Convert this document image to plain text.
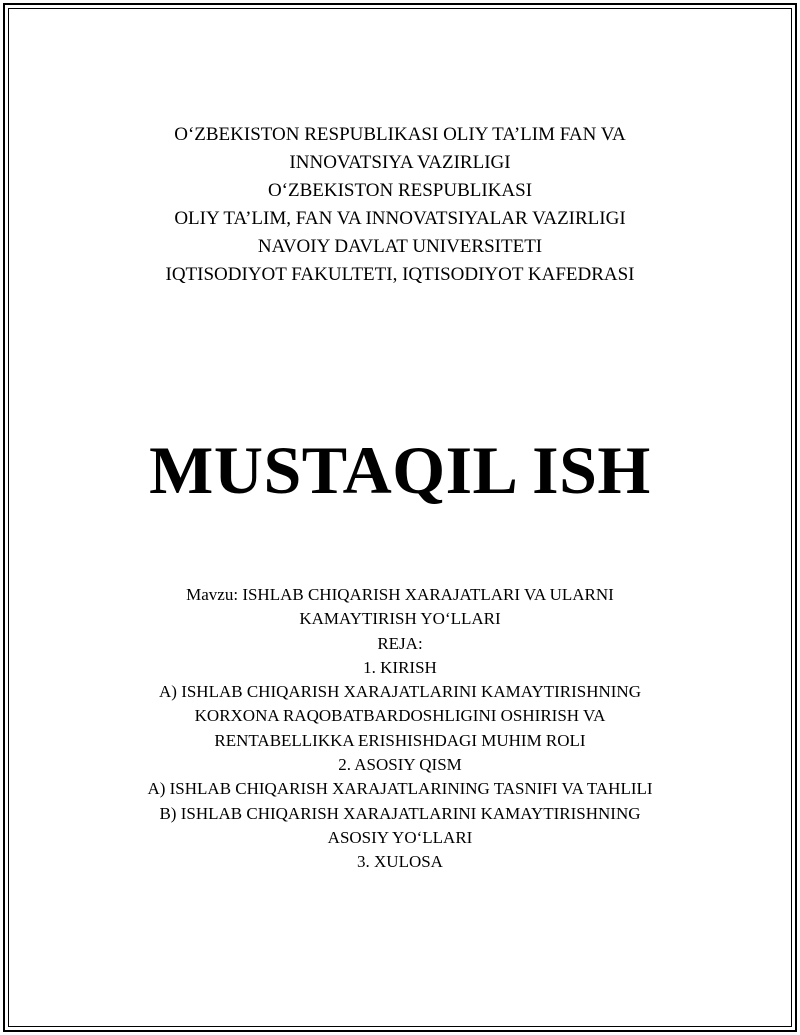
O‘ZBEKISTON RESPUBLIKASI OLIY TA’LIM FAN VA
INNOVATSIYA VAZIRLIGI
O‘ZBEKISTON RESPUBLIKASI
OLIY TA’LIM, FAN VA INNOVATSIYALAR VAZIRLIGI
NAVOIY DAVLAT UNIVERSITETI
IQTISODIYOT FAKULTETI, IQTISODIYOT KAFEDRASI
MUSTAQIL ISH
Mavzu: ISHLAB CHIQARISH XARAJATLARI VA ULARNI
KAMAYTIRISH YO‘LLARI
REJA:
1. KIRISH
A) ISHLAB CHIQARISH XARAJATLARINI KAMAYTIRISHNING
KORXONA RAQOBATBARDOSHLIGINI OSHIRISH VA
RENTABELLIKKA ERISHISHDAGI MUHIM ROLI
2. ASOSIY QISM
A) ISHLAB CHIQARISH XARAJATLARINING TASNIFI VA TAHLILI
B) ISHLAB CHIQARISH XARAJATLARINI KAMAYTIRISHNING
ASOSIY YO‘LLARI
3. XULOSA
